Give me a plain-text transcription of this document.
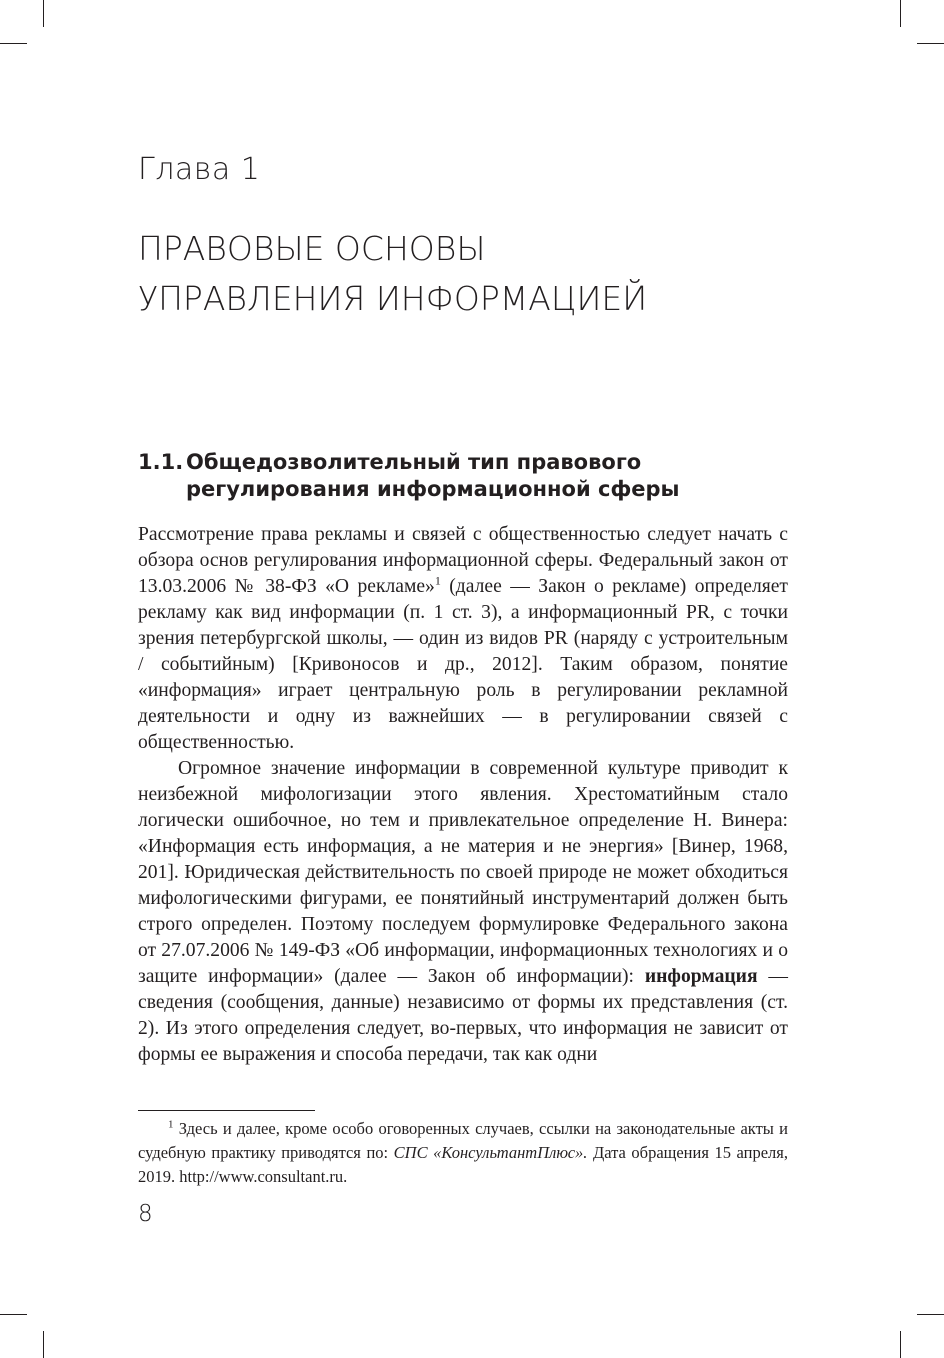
Глава 1
ПРАВОВЫЕ ОСНОВЫ
УПРАВЛЕНИЯ ИНФОРМАЦИЕЙ
1.1. Общедозволительный тип правового
регулирования информационной сферы

Рассмотрение права рекламы и связей с общественностью следует начать с обзора основ регулирования информационной сферы. Федеральный закон от 13.03.2006 № 38-ФЗ «О рекламе»$^1$ (далее — Закон о рекламе) определяет рекламу как вид информации (п. 1 ст. 3), а информационный PR, с точки зрения петербургской школы, — один из видов PR (наряду с устроительным / событийным) [Кривоносов и др., 2012]. Таким образом, понятие «информация» играет центральную роль в регулировании рекламной деятельности и одну из важнейших — в регулировании связей с общественностью.

Огромное значение информации в современной культуре приводит к неизбежной мифологизации этого явления. Хрестоматийным стало логически ошибочное, но тем и привлекательное определение Н. Винера: «Информация есть информация, а не материя и не энергия» [Винер, 1968, 201]. Юридическая действительность по своей природе не может обходиться мифологическими фигурами, ее понятийный инструментарий должен быть строго определен. Поэтому последуем формулировке Федерального закона от 27.07.2006 № 149-ФЗ «Об информации, информационных технологиях и о защите информации» (далее — Закон об информации): информация — сведения (сообщения, данные) независимо от формы их представления (ст. 2). Из этого определения следует, во-первых, что информация не зависит от формы ее выражения и способа передачи, так как одни

$^1$ Здесь и далее, кроме особо оговоренных случаев, ссылки на законодательные акты и судебную практику приводятся по: СПС «КонсультантПлюс». Дата обращения 15 апреля, 2019. http://www.consultant.ru.

8
